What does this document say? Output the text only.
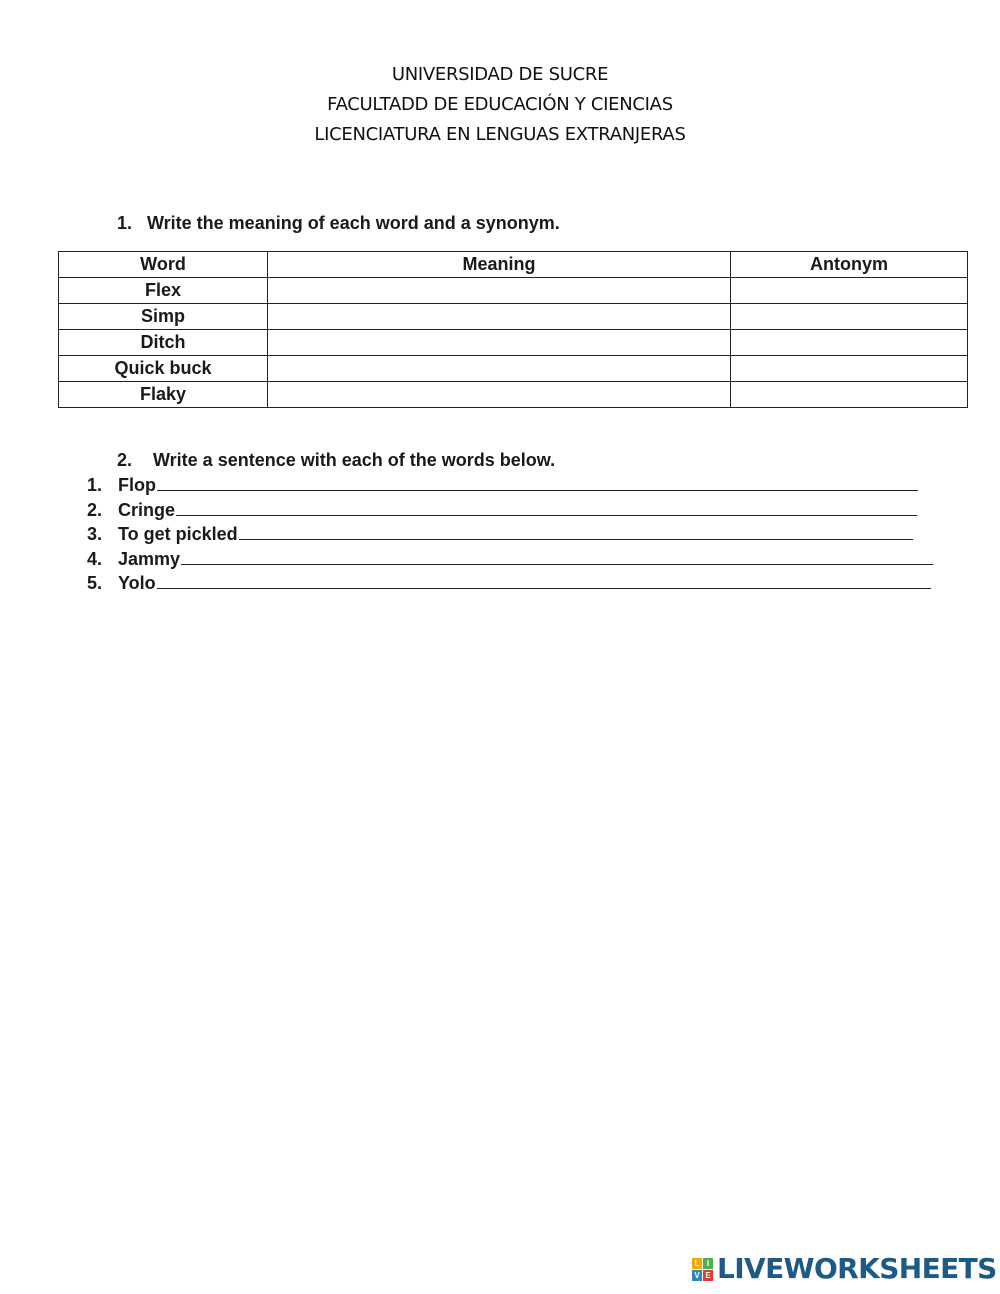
UNIVERSIDAD DE SUCRE
FACULTADD DE EDUCACIÓN Y CIENCIAS
LICENCIATURA EN LENGUAS EXTRANJERAS
1. Write the meaning of each word and a synonym.
Word	Meaning	Antonym
Flex		
Simp		
Ditch		
Quick buck		
Flaky		
2. Write a sentence with each of the words below.
1. Flop
2. Cringe
3. To get pickled
4. Jammy
5. Yolo
L I
V E LIVEWORKSHEETS
